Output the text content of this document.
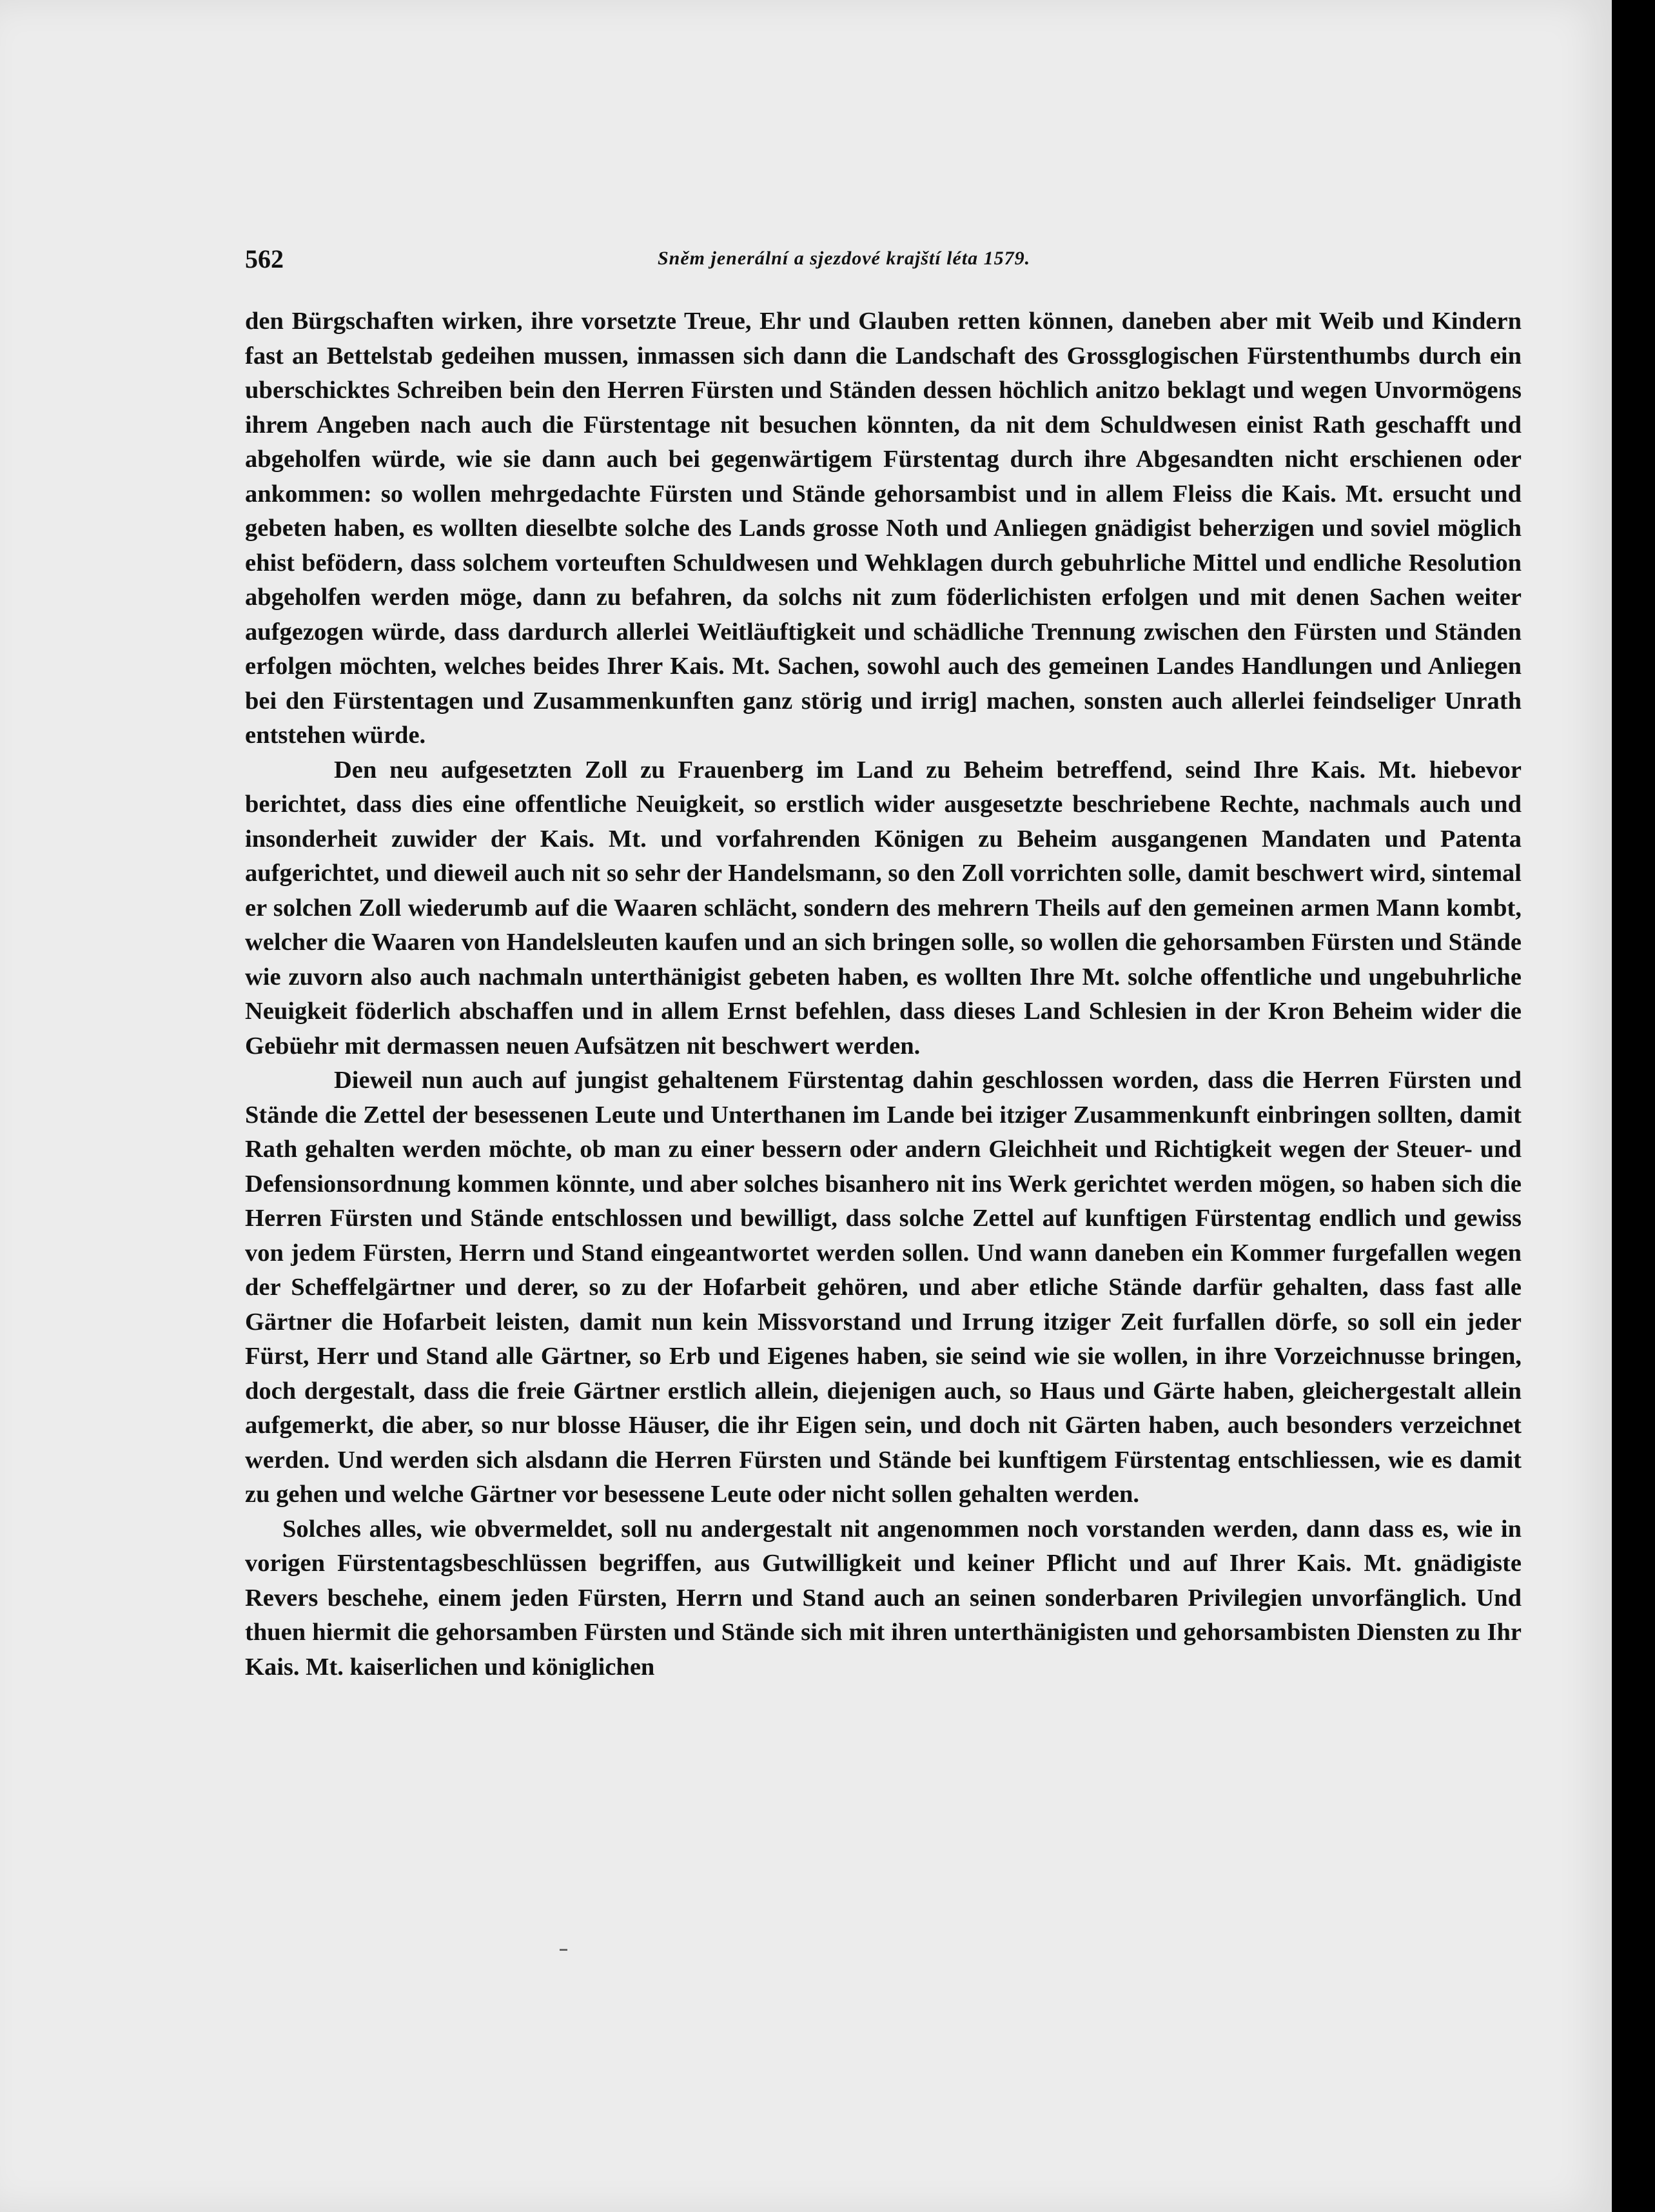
562	Sněm jenerální a sjezdové krajští léta 1579.

den Bürgschaften wirken, ihre vorsetzte Treue, Ehr und Glauben retten können, daneben aber mit Weib und Kindern fast an Bettelstab gedeihen mussen, inmassen sich dann die Landschaft des Grossglogischen Fürstenthumbs durch ein uberschicktes Schreiben bein den Herren Fürsten und Ständen dessen höchlich anitzo beklagt und wegen Unvormögens ihrem Angeben nach auch die Fürstentage nit besuchen könnten, da nit dem Schuldwesen einist Rath geschafft und abgeholfen würde, wie sie dann auch bei gegenwärtigem Fürstentag durch ihre Abgesandten nicht erschienen oder ankommen: so wollen mehrgedachte Fürsten und Stände gehorsambist und in allem Fleiss die Kais. Mt. ersucht und gebeten haben, es wollten dieselbte solche des Lands grosse Noth und Anliegen gnädigist beherzigen und soviel möglich ehist befödern, dass solchem vorteuften Schuldwesen und Wehklagen durch gebuhrliche Mittel und endliche Resolution abgeholfen werden möge, dann zu befahren, da solchs nit zum föderlichisten erfolgen und mit denen Sachen weiter aufgezogen würde, dass dardurch allerlei Weitläuftigkeit und schädliche Trennung zwischen den Fürsten und Ständen erfolgen möchten, welches beides Ihrer Kais. Mt. Sachen, sowohl auch des gemeinen Landes Handlungen und Anliegen bei den Fürstentagen und Zusammenkunften ganz störig und irrig] machen, sonsten auch allerlei feindseliger Unrath entstehen würde.

Den neu aufgesetzten Zoll zu Frauenberg im Land zu Beheim betreffend, seind Ihre Kais. Mt. hiebevor berichtet, dass dies eine offentliche Neuigkeit, so erstlich wider ausgesetzte beschriebene Rechte, nachmals auch und insonderheit zuwider der Kais. Mt. und vorfahrenden Königen zu Beheim ausgangenen Mandaten und Patenta aufgerichtet, und dieweil auch nit so sehr der Handelsmann, so den Zoll vorrichten solle, damit beschwert wird, sintemal er solchen Zoll wiederumb auf die Waaren schlächt, sondern des mehrern Theils auf den gemeinen armen Mann kombt, welcher die Waaren von Handelsleuten kaufen und an sich bringen solle, so wollen die gehorsamben Fürsten und Stände wie zuvorn also auch nachmaln unterthänigist gebeten haben, es wollten Ihre Mt. solche offentliche und ungebuhrliche Neuigkeit föderlich abschaffen und in allem Ernst befehlen, dass dieses Land Schlesien in der Kron Beheim wider die Gebüehr mit dermassen neuen Aufsätzen nit beschwert werden.

Dieweil nun auch auf jungist gehaltenem Fürstentag dahin geschlossen worden, dass die Herren Fürsten und Stände die Zettel der besessenen Leute und Unterthanen im Lande bei itziger Zusammenkunft einbringen sollten, damit Rath gehalten werden möchte, ob man zu einer bessern oder andern Gleichheit und Richtigkeit wegen der Steuer- und Defensionsordnung kommen könnte, und aber solches bisanhero nit ins Werk gerichtet werden mögen, so haben sich die Herren Fürsten und Stände entschlossen und bewilligt, dass solche Zettel auf kunftigen Fürstentag endlich und gewiss von jedem Fürsten, Herrn und Stand eingeantwortet werden sollen. Und wann daneben ein Kommer furgefallen wegen der Scheffelgärtner und derer, so zu der Hofarbeit gehören, und aber etliche Stände darfür gehalten, dass fast alle Gärtner die Hofarbeit leisten, damit nun kein Missvorstand und Irrung itziger Zeit furfallen dörfe, so soll ein jeder Fürst, Herr und Stand alle Gärtner, so Erb und Eigenes haben, sie seind wie sie wollen, in ihre Vorzeichnusse bringen, doch dergestalt, dass die freie Gärtner erstlich allein, diejenigen auch, so Haus und Gärte haben, gleichergestalt allein aufgemerkt, die aber, so nur blosse Häuser, die ihr Eigen sein, und doch nit Gärten haben, auch besonders verzeichnet werden. Und werden sich alsdann die Herren Fürsten und Stände bei kunftigem Fürstentag entschliessen, wie es damit zu gehen und welche Gärtner vor besessene Leute oder nicht sollen gehalten werden.

Solches alles, wie obvermeldet, soll nu andergestalt nit angenommen noch vorstanden werden, dann dass es, wie in vorigen Fürstentagsbeschlüssen begriffen, aus Gutwilligkeit und keiner Pflicht und auf Ihrer Kais. Mt. gnädigiste Revers beschehe, einem jeden Fürsten, Herrn und Stand auch an seinen sonderbaren Privilegien unvorfänglich. Und thuen hiermit die gehorsamben Fürsten und Stände sich mit ihren unterthänigisten und gehorsambisten Diensten zu Ihr Kais. Mt. kaiserlichen und königlichen
